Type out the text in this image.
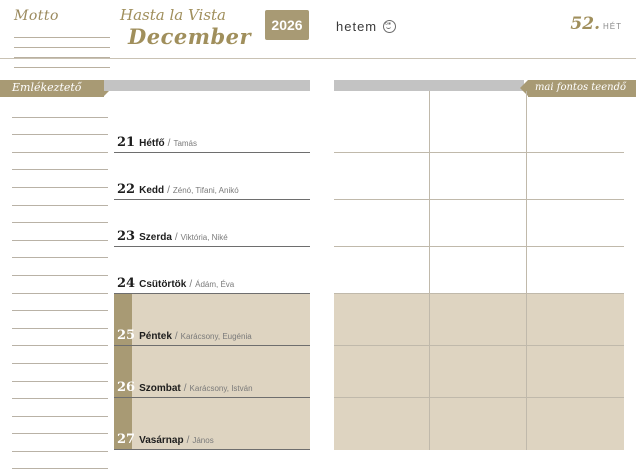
Motto	Hasta la Vista
December	2026	hetem	52. HÉT
Emlékeztető	mai fontos teendő
21 Hétfő / Tamás
22 Kedd / Zénó, Tifani, Anikó
23 Szerda / Viktória, Niké
24 Csütörtök / Ádám, Éva
25 Péntek / Karácsony, Eugénia
26 Szombat / Karácsony, István
27 Vasárnap / János
